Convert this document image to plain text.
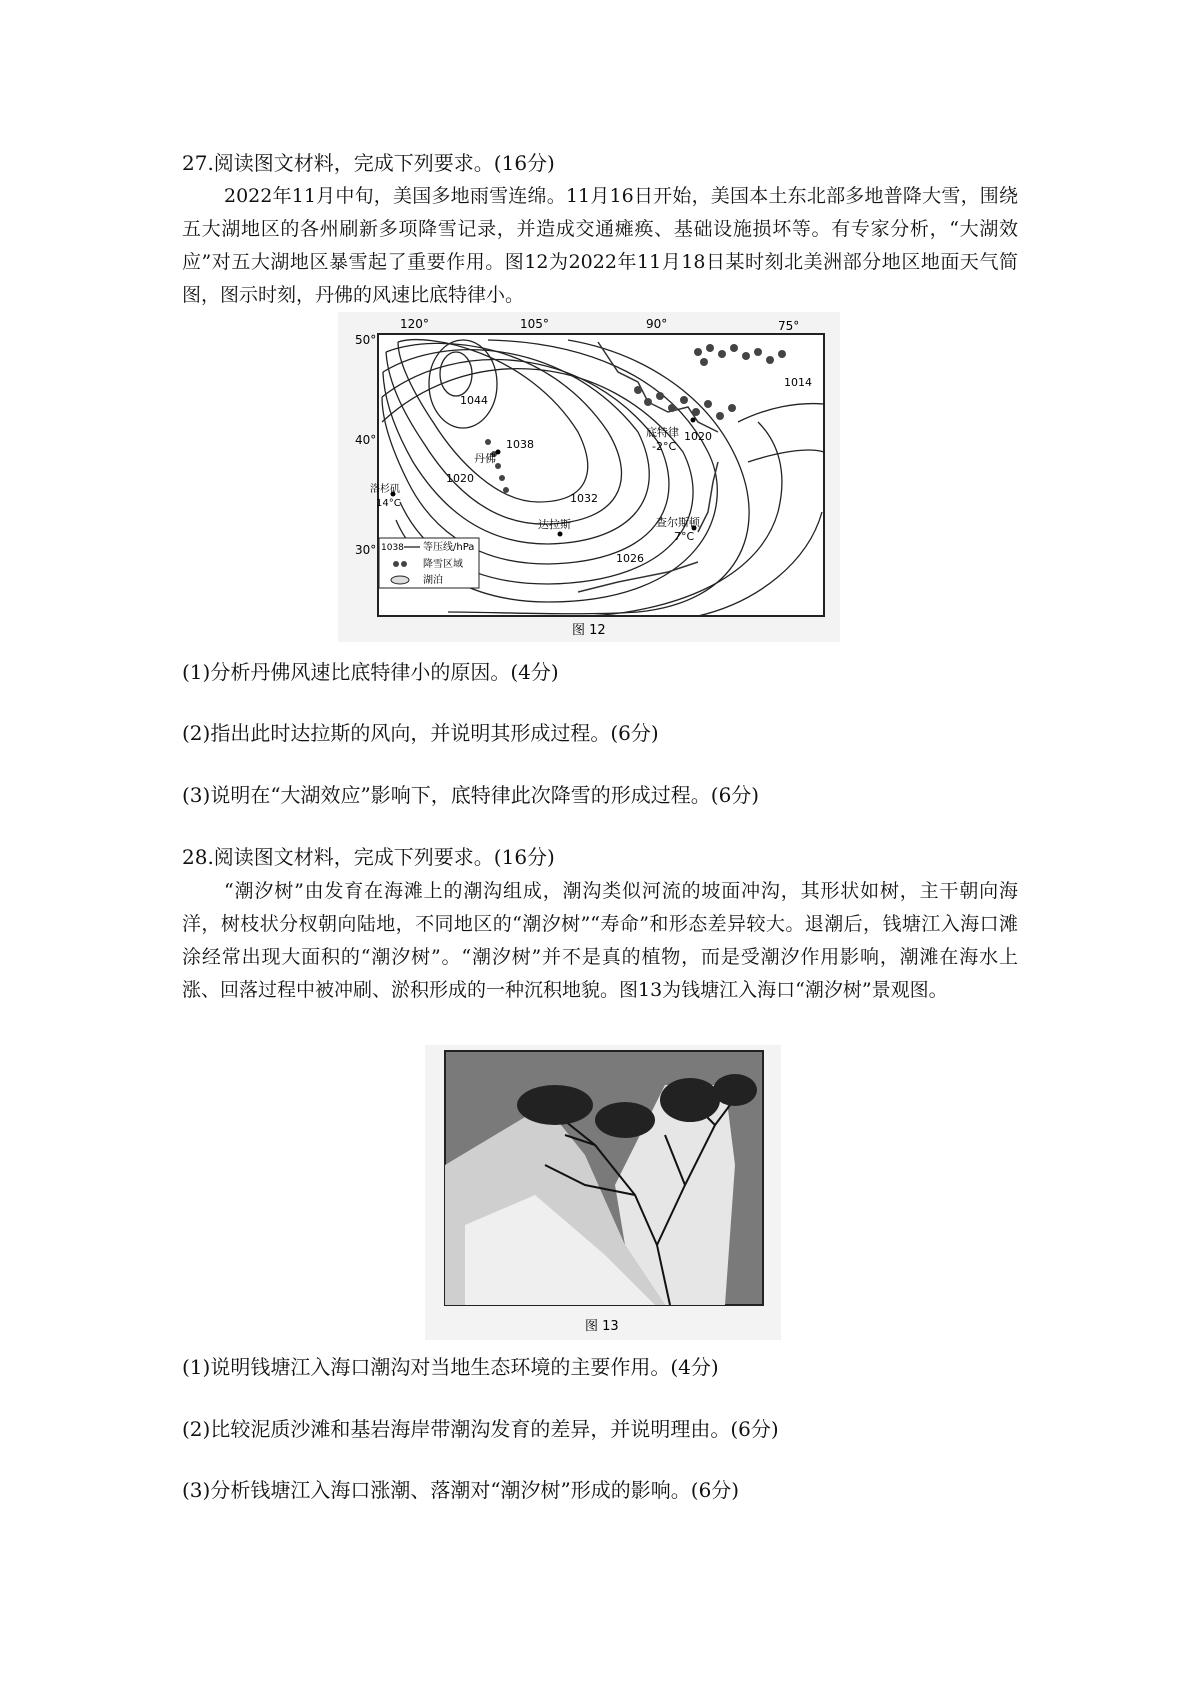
27.阅读图文材料，完成下列要求。(16分)
2022年11月中旬，美国多地雨雪连绵。11月16日开始，美国本土东北部多地普降大雪，围绕五大湖地区的各州刷新多项降雪记录，并造成交通瘫痪、基础设施损坏等。有专家分析，“大湖效应”对五大湖地区暴雪起了重要作用。图12为2022年11月18日某时刻北美洲部分地区地面天气简图，图示时刻，丹佛的风速比底特律小。
120°	105°	90°	75°
50°
40°
30°
1044
1038
1032
1020
1026
1020
1014
丹佛
底特律
-2°C
达拉斯
洛杉矶
14°C
查尔斯顿
7°C
1038 等压线/hPa
降雪区域
湖泊
图 12
(1)分析丹佛风速比底特律小的原因。(4分)
(2)指出此时达拉斯的风向，并说明其形成过程。(6分)
(3)说明在“大湖效应”影响下，底特律此次降雪的形成过程。(6分)
28.阅读图文材料，完成下列要求。(16分)
“潮汐树”由发育在海滩上的潮沟组成，潮沟类似河流的坡面冲沟，其形状如树，主干朝向海洋，树枝状分杈朝向陆地，不同地区的“潮汐树”“寿命”和形态差异较大。退潮后，钱塘江入海口滩涂经常出现大面积的“潮汐树”。“潮汐树”并不是真的植物，而是受潮汐作用影响，潮滩在海水上涨、回落过程中被冲刷、淤积形成的一种沉积地貌。图13为钱塘江入海口“潮汐树”景观图。
图 13
(1)说明钱塘江入海口潮沟对当地生态环境的主要作用。(4分)
(2)比较泥质沙滩和基岩海岸带潮沟发育的差异，并说明理由。(6分)
(3)分析钱塘江入海口涨潮、落潮对“潮汐树”形成的影响。(6分)
